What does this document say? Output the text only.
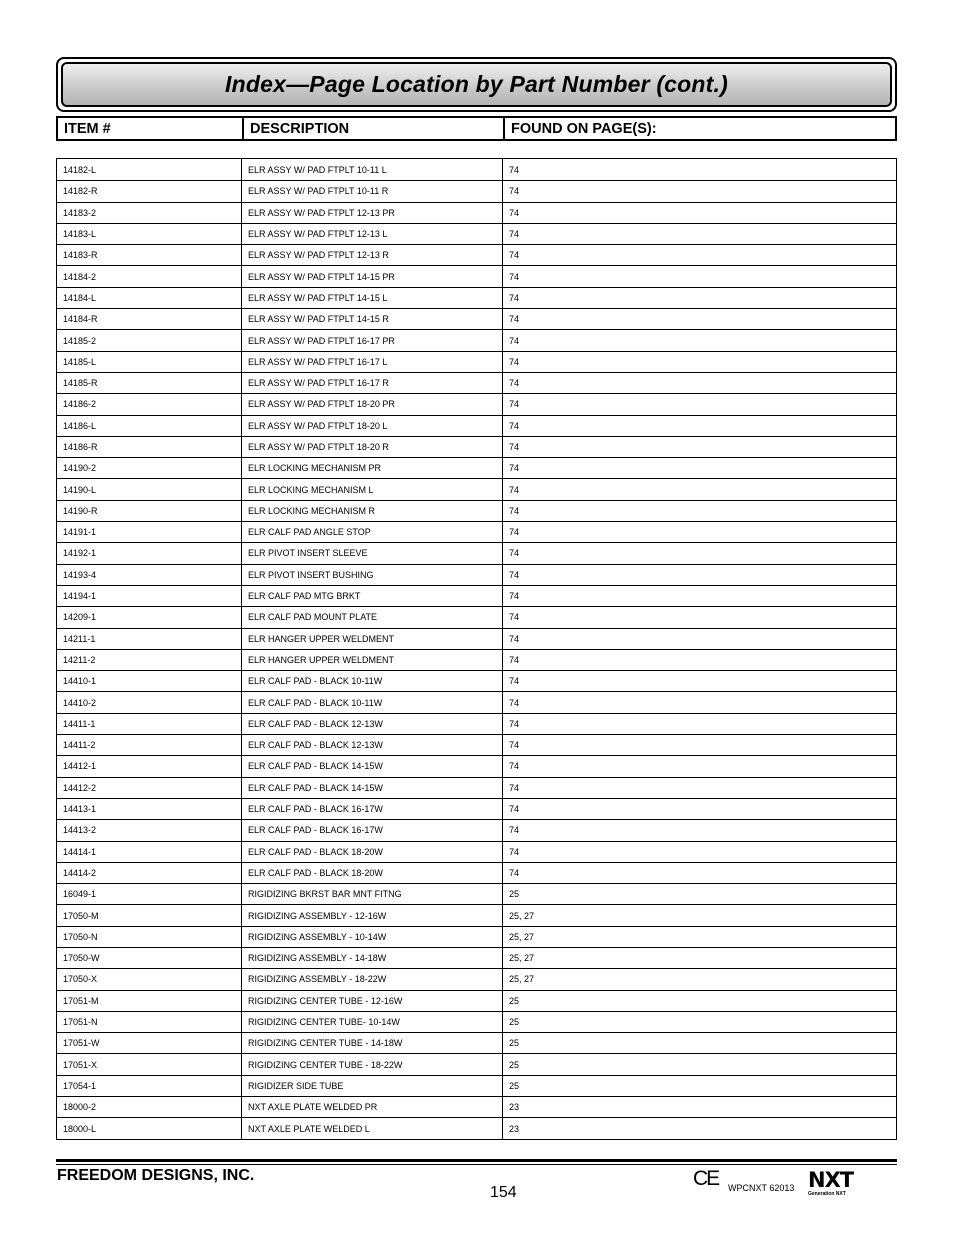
Index—Page Location by Part Number (cont.)
ITEM #	DESCRIPTION	FOUND ON PAGE(S):
14182-L	ELR ASSY W/ PAD FTPLT 10-11 L	74
14182-R	ELR ASSY W/ PAD FTPLT 10-11 R	74
14183-2	ELR ASSY W/ PAD FTPLT 12-13 PR	74
14183-L	ELR ASSY W/ PAD FTPLT 12-13 L	74
14183-R	ELR ASSY W/ PAD FTPLT 12-13 R	74
14184-2	ELR ASSY W/ PAD FTPLT 14-15 PR	74
14184-L	ELR ASSY W/ PAD FTPLT 14-15 L	74
14184-R	ELR ASSY W/ PAD FTPLT 14-15 R	74
14185-2	ELR ASSY W/ PAD FTPLT 16-17 PR	74
14185-L	ELR ASSY W/ PAD FTPLT 16-17 L	74
14185-R	ELR ASSY W/ PAD FTPLT 16-17 R	74
14186-2	ELR ASSY W/ PAD FTPLT 18-20 PR	74
14186-L	ELR ASSY W/ PAD FTPLT 18-20 L	74
14186-R	ELR ASSY W/ PAD FTPLT 18-20 R	74
14190-2	ELR LOCKING MECHANISM PR	74
14190-L	ELR LOCKING MECHANISM L	74
14190-R	ELR LOCKING MECHANISM R	74
14191-1	ELR CALF PAD ANGLE STOP	74
14192-1	ELR PIVOT INSERT SLEEVE	74
14193-4	ELR PIVOT INSERT BUSHING	74
14194-1	ELR CALF PAD MTG BRKT	74
14209-1	ELR CALF PAD MOUNT PLATE	74
14211-1	ELR HANGER UPPER WELDMENT	74
14211-2	ELR HANGER UPPER WELDMENT	74
14410-1	ELR CALF PAD - BLACK 10-11W	74
14410-2	ELR CALF PAD - BLACK 10-11W	74
14411-1	ELR CALF PAD - BLACK 12-13W	74
14411-2	ELR CALF PAD - BLACK 12-13W	74
14412-1	ELR CALF PAD - BLACK 14-15W	74
14412-2	ELR CALF PAD - BLACK 14-15W	74
14413-1	ELR CALF PAD - BLACK 16-17W	74
14413-2	ELR CALF PAD - BLACK 16-17W	74
14414-1	ELR CALF PAD - BLACK 18-20W	74
14414-2	ELR CALF PAD - BLACK 18-20W	74
16049-1	RIGIDIZING BKRST BAR MNT FITNG	25
17050-M	RIGIDIZING ASSEMBLY - 12-16W	25, 27
17050-N	RIGIDIZING ASSEMBLY - 10-14W	25, 27
17050-W	RIGIDIZING ASSEMBLY - 14-18W	25, 27
17050-X	RIGIDIZING ASSEMBLY - 18-22W	25, 27
17051-M	RIGIDIZING CENTER TUBE - 12-16W	25
17051-N	RIGIDIZING CENTER TUBE- 10-14W	25
17051-W	RIGIDIZING CENTER TUBE - 14-18W	25
17051-X	RIGIDIZING CENTER TUBE - 18-22W	25
17054-1	RIGIDIZER SIDE TUBE	25
18000-2	NXT AXLE PLATE WELDED PR	23
18000-L	NXT AXLE PLATE WELDED L	23
FREEDOM DESIGNS, INC.
154
CE WPCNXT 62013 NXT
Generation NXT
